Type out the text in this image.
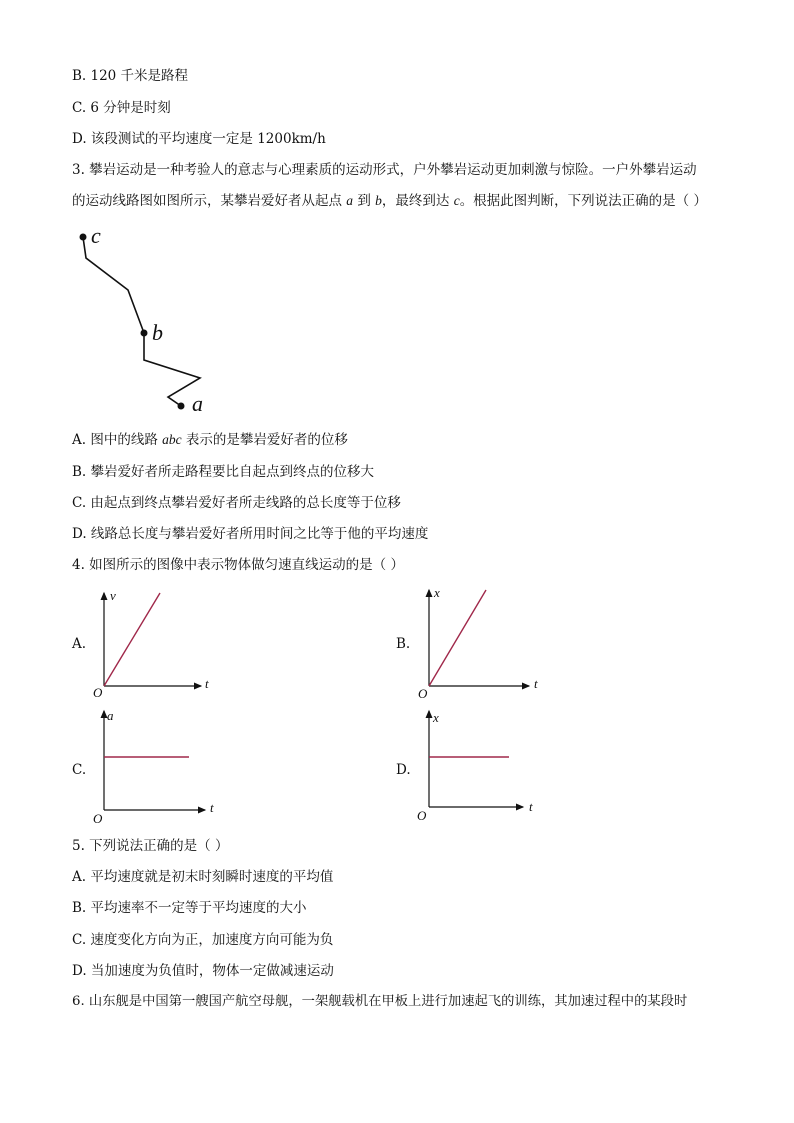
B. 120 千米是路程
C. 6 分钟是时刻
D. 该段测试的平均速度一定是 1200km/h
3. 攀岩运动是一种考验人的意志与心理素质的运动形式，户外攀岩运动更加刺激与惊险。一户外攀岩运动
的运动线路图如图所示，某攀岩爱好者从起点 a 到 b，最终到达 c。根据此图判断，下列说法正确的是（ ）
c
b
a
A. 图中的线路 abc 表示的是攀岩爱好者的位移
B. 攀岩爱好者所走路程要比自起点到终点的位移大
C. 由起点到终点攀岩爱好者所走线路的总长度等于位移
D. 线路总长度与攀岩爱好者所用时间之比等于他的平均速度
4. 如图所示的图像中表示物体做匀速直线运动的是（ ）
A.	B.
C.	D.
v
t
O
x
t
O
a
t
O
x
t
O
5. 下列说法正确的是（ ）
A. 平均速度就是初末时刻瞬时速度的平均值
B. 平均速率不一定等于平均速度的大小
C. 速度变化方向为正，加速度方向可能为负
D. 当加速度为负值时，物体一定做减速运动
6. 山东舰是中国第一艘国产航空母舰，一架舰载机在甲板上进行加速起飞的训练，其加速过程中的某段时
